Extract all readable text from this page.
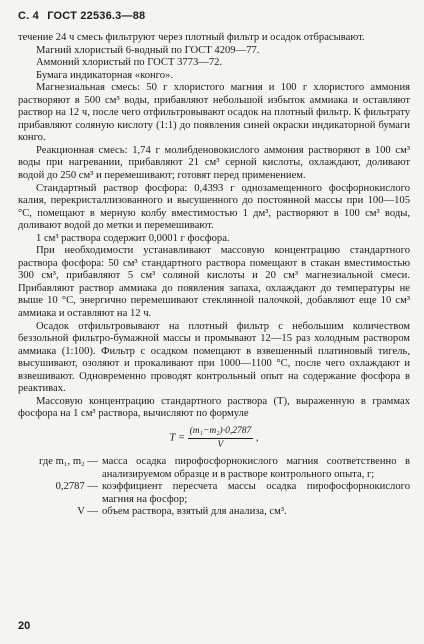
С. 4 ГОСТ 22536.3—88

течение 24 ч смесь фильтруют через плотный фильтр и осадок отбрасывают.

Магний хлористый 6-водный по ГОСТ 4209—77.

Аммоний хлористый по ГОСТ 3773—72.

Бумага индикаторная «конго».

Магнезиальная смесь: 50 г хлористого магния и 100 г хлористого аммония растворяют в 500 см³ воды, прибавляют небольшой избыток аммиака и оставляют раствор на 12 ч, после чего отфильтровывают осадок на плотный фильтр. К фильтрату прибавляют соляную кислоту (1:1) до появления синей окраски индикаторной бумаги конго.

Реакционная смесь: 1,74 г молибденовокислого аммония растворяют в 100 см³ воды при нагревании, прибавляют 21 см³ серной кислоты, охлаждают, доливают водой до 250 см³ и перемешивают; готовят перед применением.

Стандартный раствор фосфора: 0,4393 г однозамещенного фосфорнокислого калия, перекристаллизованного и высушенного до постоянной массы при 100—105 °С, помещают в мерную колбу вместимостью 1 дм³, растворяют в 100 см³ воды, доливают водой до метки и перемешивают.

1 см³ раствора содержит 0,0001 г фосфора.

При необходимости устанавливают массовую концентрацию стандартного раствора фосфора: 50 см³ стандартного раствора помещают в стакан вместимостью 300 см³, прибавляют 5 см³ соляной кислоты и 20 см³ магнезиальной смеси. Прибавляют раствор аммиака до появления запаха, охлаждают до температуры не выше 10 °С, энергично перемешивают стеклянной палочкой, добавляют еще 10 см³ аммиака и оставляют на 12 ч.

Осадок отфильтровывают на плотный фильтр с небольшим количеством беззольной фильтро-бумажной массы и промывают 12—15 раз холодным раствором аммиака (1:100). Фильтр с осадком помещают в взвешенный платиновый тигель, высушивают, озоляют и прокаливают при 1000—1100 °С, после чего охлаждают и взвешивают. Одновременно проводят контрольный опыт на содержание фосфора в реактивах.

Массовую концентрацию стандартного раствора (T), выраженную в граммах фосфора на 1 см³ раствора, вычисляют по формуле

$T = \frac{\text{(m₁−m₂)·0,2787}}{V}$ ,
где m₁, m₂ — масса осадка пирофосфорнокислого магния соответственно в анализируемом образце и в растворе контрольного опыта, г;
0,2787 — коэффициент пересчета массы осадка пирофосфорнокислого магния на фосфор;
V — объем раствора, взятый для анализа, см³.
20
